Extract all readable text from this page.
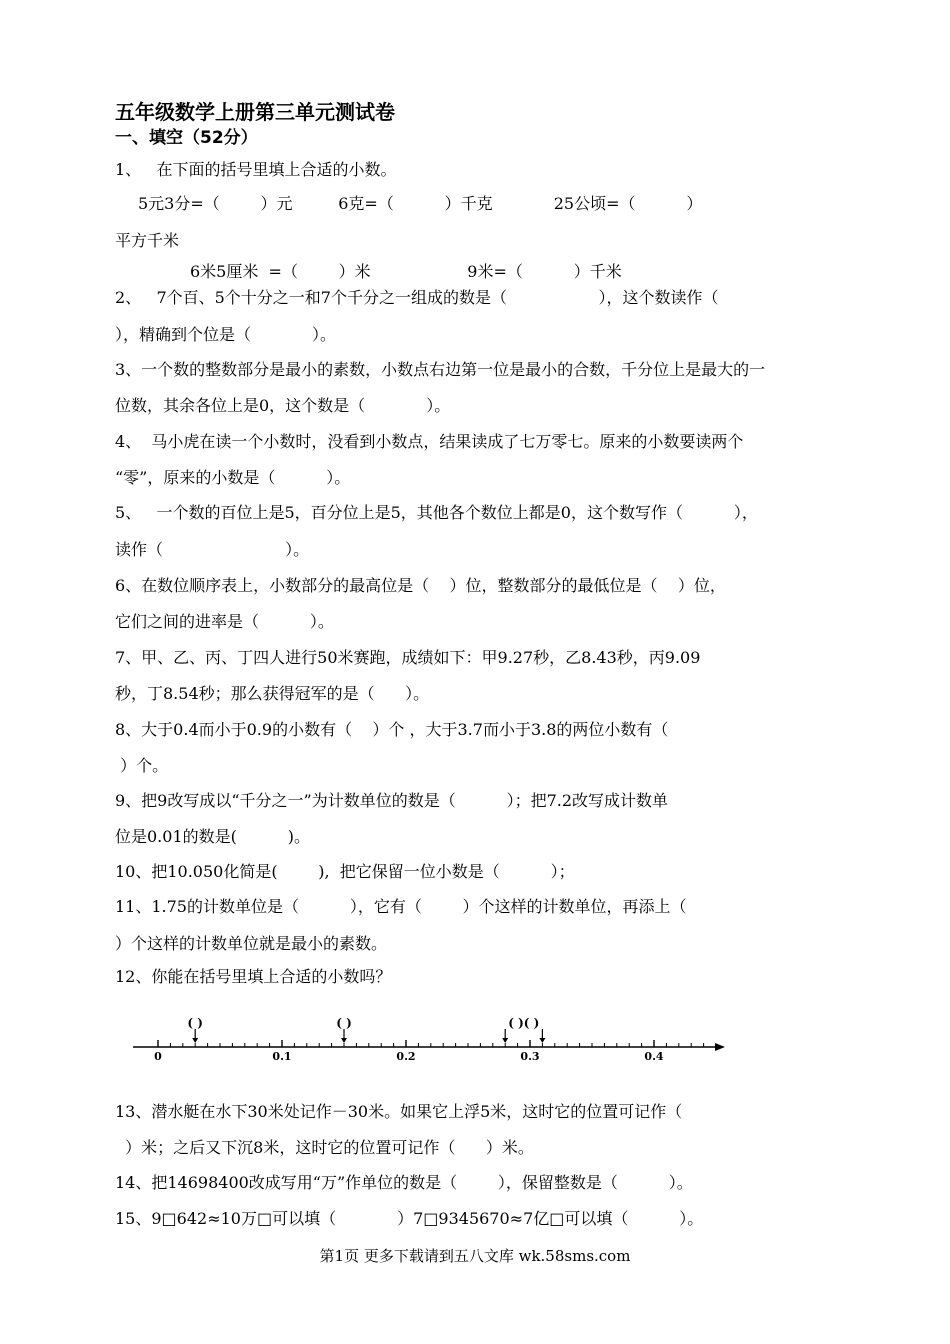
五年级数学上册第三单元测试卷
一、填空（52分）
1、   在下面的括号里填上合适的小数。
5元3分=（        ）元         6克=（          ）千克            25公顷=（          ）
平方千米
6米5厘米  =（        ）米                   9米=（          ）千米
2、   7个百、5个十分之一和7个千分之一组成的数是（                  ），这个数读作（
），精确到个位是（            ）。
3、一个数的整数部分是最小的素数，小数点右边第一位是最小的合数，千分位上是最大的一
位数，其余各位上是0，这个数是（            ）。
4、  马小虎在读一个小数时，没看到小数点，结果读成了七万零七。原来的小数要读两个
“零”，原来的小数是（          ）。
5、   一个数的百位上是5，百分位上是5，其他各个数位上都是0，这个数写作（          ），
读作（                        ）。
6、在数位顺序表上，小数部分的最高位是（    ）位，整数部分的最低位是（    ）位，
它们之间的进率是（          ）。
7、甲、乙、丙、丁四人进行50米赛跑，成绩如下：甲9.27秒，乙8.43秒，丙9.09
秒，丁8.54秒；那么获得冠军的是（      ）。
8、大于0.4而小于0.9的小数有（    ）个 ，大于3.7而小于3.8的两位小数有（
）个。
9、把9改写成以“千分之一”为计数单位的数是（          ）；把7.2改写成计数单
位是0.01的数是(          )。
10、把10.050化简是(        ),  把它保留一位小数是（          ）；
11、1.75的计数单位是（          ），它有（        ）个这样的计数单位，再添上（
）个这样的计数单位就是最小的素数。
12、你能在括号里填上合适的小数吗？
0	0.1	0.2	0.3	0.4
( )	( )	( )( )
13、潜水艇在水下30米处记作－30米。如果它上浮5米，这时它的位置可记作（
）米；之后又下沉8米，这时它的位置可记作（      ）米。
14、把14698400改成写用“万”作单位的数是（        ），保留整数是（          ）。
15、9□642≈10万□可以填（            ）7□9345670≈7亿□可以填（          ）。
第1页 更多下载请到五八文库 wk.58sms.com
